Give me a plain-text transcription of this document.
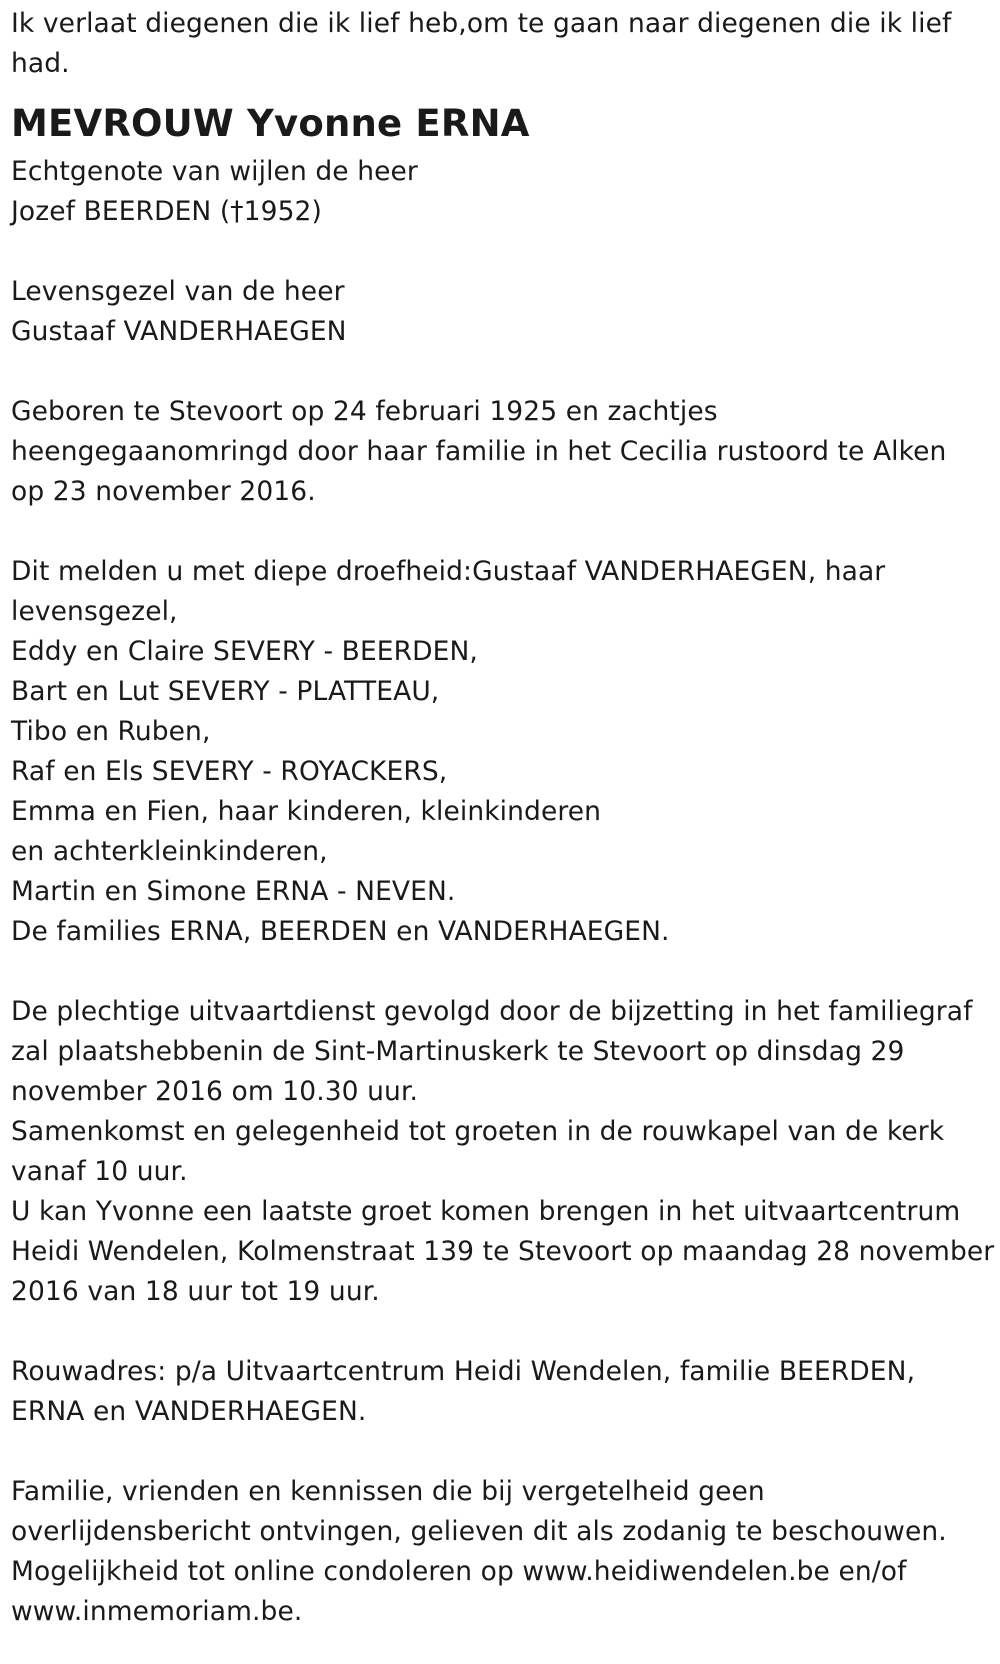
Ik verlaat diegenen die ik lief heb,om te gaan naar diegenen die ik lief
had.
MEVROUW Yvonne ERNA
Echtgenote van wijlen de heer
Jozef BEERDEN (†1952)
Levensgezel van de heer
Gustaaf VANDERHAEGEN
Geboren te Stevoort op 24 februari 1925 en zachtjes
heengegaanomringd door haar familie in het Cecilia rustoord te Alken
op 23 november 2016.
Dit melden u met diepe droefheid:Gustaaf VANDERHAEGEN, haar
levensgezel,
Eddy en Claire SEVERY - BEERDEN,
Bart en Lut SEVERY - PLATTEAU,
Tibo en Ruben,
Raf en Els SEVERY - ROYACKERS,
Emma en Fien, haar kinderen, kleinkinderen
en achterkleinkinderen,
Martin en Simone ERNA - NEVEN.
De families ERNA, BEERDEN en VANDERHAEGEN.
De plechtige uitvaartdienst gevolgd door de bijzetting in het familiegraf
zal plaatshebbenin de Sint-Martinuskerk te Stevoort op dinsdag 29
november 2016 om 10.30 uur.
Samenkomst en gelegenheid tot groeten in de rouwkapel van de kerk
vanaf 10 uur.
U kan Yvonne een laatste groet komen brengen in het uitvaartcentrum
Heidi Wendelen, Kolmenstraat 139 te Stevoort op maandag 28 november
2016 van 18 uur tot 19 uur.
Rouwadres: p/a Uitvaartcentrum Heidi Wendelen, familie BEERDEN,
ERNA en VANDERHAEGEN.
Familie, vrienden en kennissen die bij vergetelheid geen
overlijdensbericht ontvingen, gelieven dit als zodanig te beschouwen.
Mogelijkheid tot online condoleren op www.heidiwendelen.be en/of
www.inmemoriam.be.
